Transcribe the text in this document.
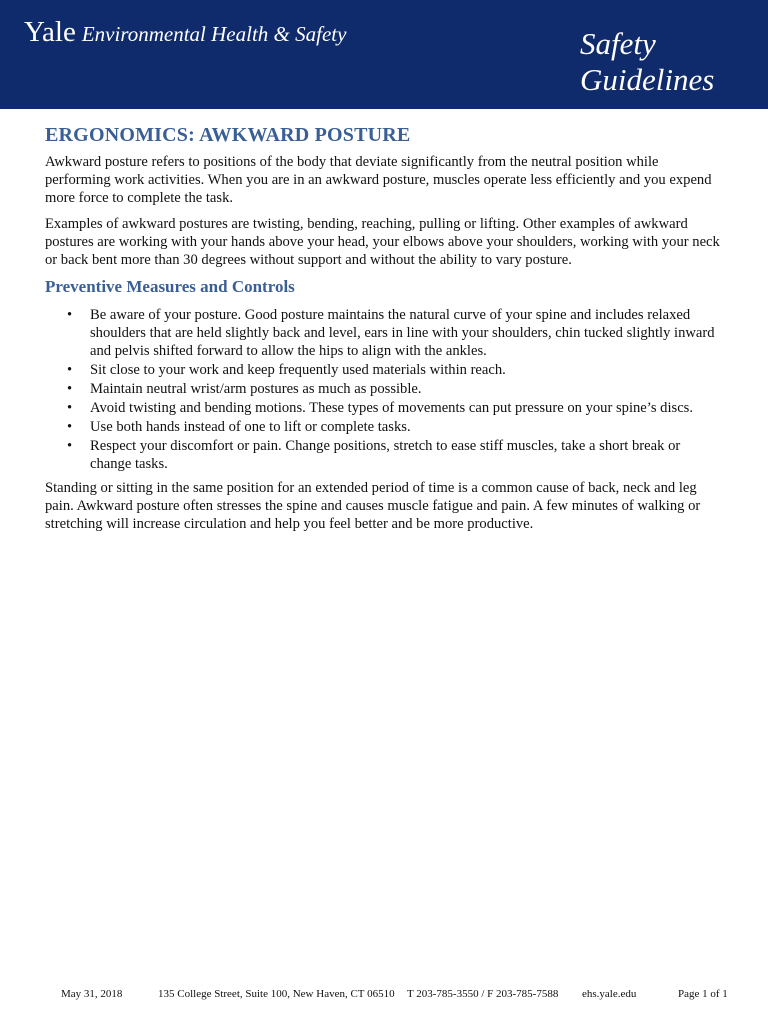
Yale Environmental Health & Safety	Safety
Guidelines
ERGONOMICS: AWKWARD POSTURE

Awkward posture refers to positions of the body that deviate significantly from the neutral position while performing work activities. When you are in an awkward posture, muscles operate less efficiently and you expend more force to complete the task.

Examples of awkward postures are twisting, bending, reaching, pulling or lifting. Other examples of awkward postures are working with your hands above your head, your elbows above your shoulders, working with your neck or back bent more than 30 degrees without support and without the ability to vary posture.

Preventive Measures and Controls
• Be aware of your posture. Good posture maintains the natural curve of your spine and includes relaxed shoulders that are held slightly back and level, ears in line with your shoulders, chin tucked slightly inward and pelvis shifted forward to allow the hips to align with the ankles.
• Sit close to your work and keep frequently used materials within reach.
• Maintain neutral wrist/arm postures as much as possible.
• Avoid twisting and bending motions. These types of movements can put pressure on your spine’s discs.
• Use both hands instead of one to lift or complete tasks.
• Respect your discomfort or pain. Change positions, stretch to ease stiff muscles, take a short break or change tasks.

Standing or sitting in the same position for an extended period of time is a common cause of back, neck and leg pain. Awkward posture often stresses the spine and causes muscle fatigue and pain. A few minutes of walking or stretching will increase circulation and help you feel better and be more productive.

May 31, 2018	135 College Street, Suite 100, New Haven, CT 06510 T 203-785-3550 / F 203-785-7588 ehs.yale.edu	Page 1 of 1
